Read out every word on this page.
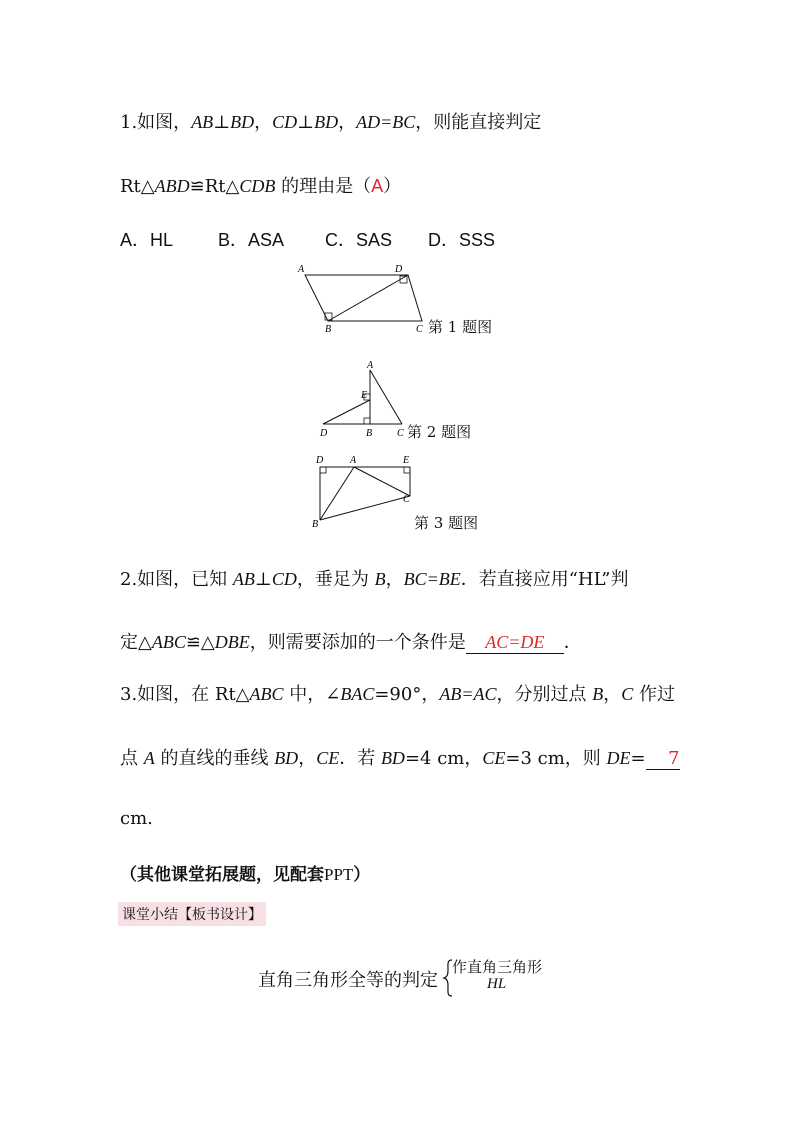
1.如图，AB⊥BD，CD⊥BD，AD=BC，则能直接判定
Rt△ABD≌Rt△CDB 的理由是（A）
A．HL B．ASA C．SAS D．SSS
A	D
B	C 第 1 题图
A
E
D	B C 第 2 题图
D	A	E
C
B	第 3 题图
2.如图，已知 AB⊥CD，垂足为 B，BC=BE．若直接应用“HL”判
定△ABC≌△DBE，则需要添加的一个条件是 AC=DE ．
3.如图，在 Rt△ABC 中，∠BAC=90°，AB=AC，分别过点 B，C 作过
点 A 的直线的垂线 BD，CE．若 BD=4 cm，CE=3 cm，则 DE= 7
cm.
（其他课堂拓展题，见配套PPT）
课堂小结【板书设计】
直角三角形全等的判定
作直角三角形
HL
